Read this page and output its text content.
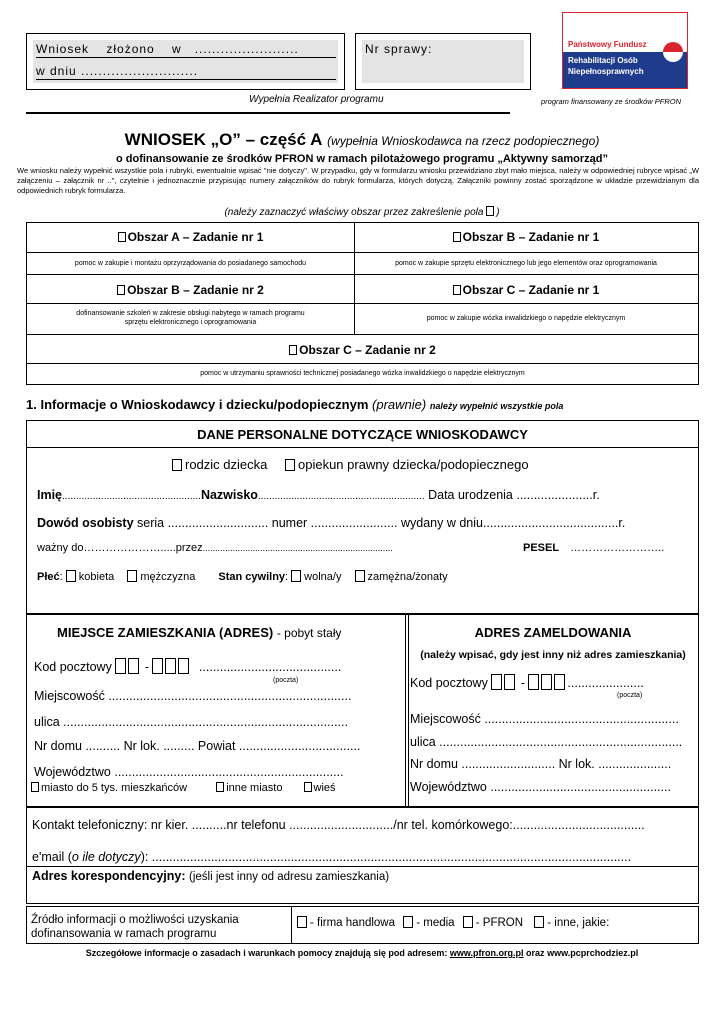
Wniosek    złożono    w   ........................
w dniu ...........................
Nr sprawy:	Państwowy Fundusz
Rehabilitacji Osób
Niepełnosprawnych
Wypełnia Realizator programu	program finansowany ze środków PFRON
WNIOSEK „O” – część A (wypełnia Wnioskodawca na rzecz podopiecznego)
o dofinansowanie ze środków PFRON w ramach pilotażowego programu „Aktywny samorząd”
We wniosku należy wypełnić wszystkie pola i rubryki, ewentualnie wpisać "nie dotyczy". W przypadku, gdy w formularzu wniosku przewidziano zbyt mało miejsca, należy w odpowiedniej rubryce wpisać „W załączeniu – załącznik nr ..", czytelnie i jednoznacznie przypisując numery załączników do rubryk formularza, których dotyczą. Załączniki powinny zostać sporządzone w układzie przewidzianym dla odpowiednich rubryk formularza.
(należy zaznaczyć właściwy obszar przez zakreślenie pola )
Obszar A – Zadanie nr 1
pomoc w zakupie i montażu oprzyrządowania do posiadanego samochodu
Obszar B – Zadanie nr 1
pomoc w zakupie sprzętu elektronicznego lub jego elementów oraz oprogramowania
Obszar B – Zadanie nr 2
dofinansowanie szkoleń w zakresie obsługi nabytego w ramach programu sprzętu elektronicznego i oprogramowania
Obszar C – Zadanie nr 1
pomoc w zakupie wózka inwalidzkiego o napędzie elektrycznym
Obszar C – Zadanie nr 2
pomoc w utrzymaniu sprawności technicznej posiadanego wózka inwalidzkiego o napędzie elektrycznym
1. Informacje o Wnioskodawcy i dziecku/podopiecznym (prawnie) należy wypełnić wszystkie pola
DANE PERSONALNE DOTYCZĄCE WNIOSKODAWCY
rodzic dziecka opiekun prawny dziecka/podopiecznego
Imię..................................................Nazwisko............................................................ Data urodzenia ......................r.
Dowód osobisty seria ............................. numer ......................... wydany w dniu.......................................r.
ważny do………………….....przez............................................................................	PESEL ……………………..
Płeć: kobieta mężczyzna Stan cywilny: wolna/y zamężna/żonaty
MIEJSCE ZAMIESZKANIA (ADRES) - pobyt stały
Kod pocztowy  -	.........................................
(poczta)
Miejscowość ......................................................................
ulica ..................................................................................
Nr domu .......... Nr lok. ......... Powiat ...................................
Województwo ..................................................................
miasto do 5 tys. mieszkańców	inne miasto	wieś
ADRES ZAMELDOWANIA
(należy wpisać, gdy jest inny niż adres zamieszkania)
Kod pocztowy  -	......................
(poczta)
Miejscowość ........................................................
ulica ......................................................................
Nr domu ........................... Nr lok. .....................
Województwo ....................................................
Kontakt telefoniczny: nr kier. ..........nr telefonu ............................../nr tel. komórkowego:......................................
e'mail (o ile dotyczy): ..........................................................................................................................................
Adres korespondencyjny: (jeśli jest inny od adresu zamieszkania)
Źródło informacji o możliwości uzyskania
dofinansowania w ramach programu
- firma handlowa - media - PFRON - inne, jakie:
Szczegółowe informacje o zasadach i warunkach pomocy znajdują się pod adresem: www.pfron.org.pl oraz www.pcprchodziez.pl
